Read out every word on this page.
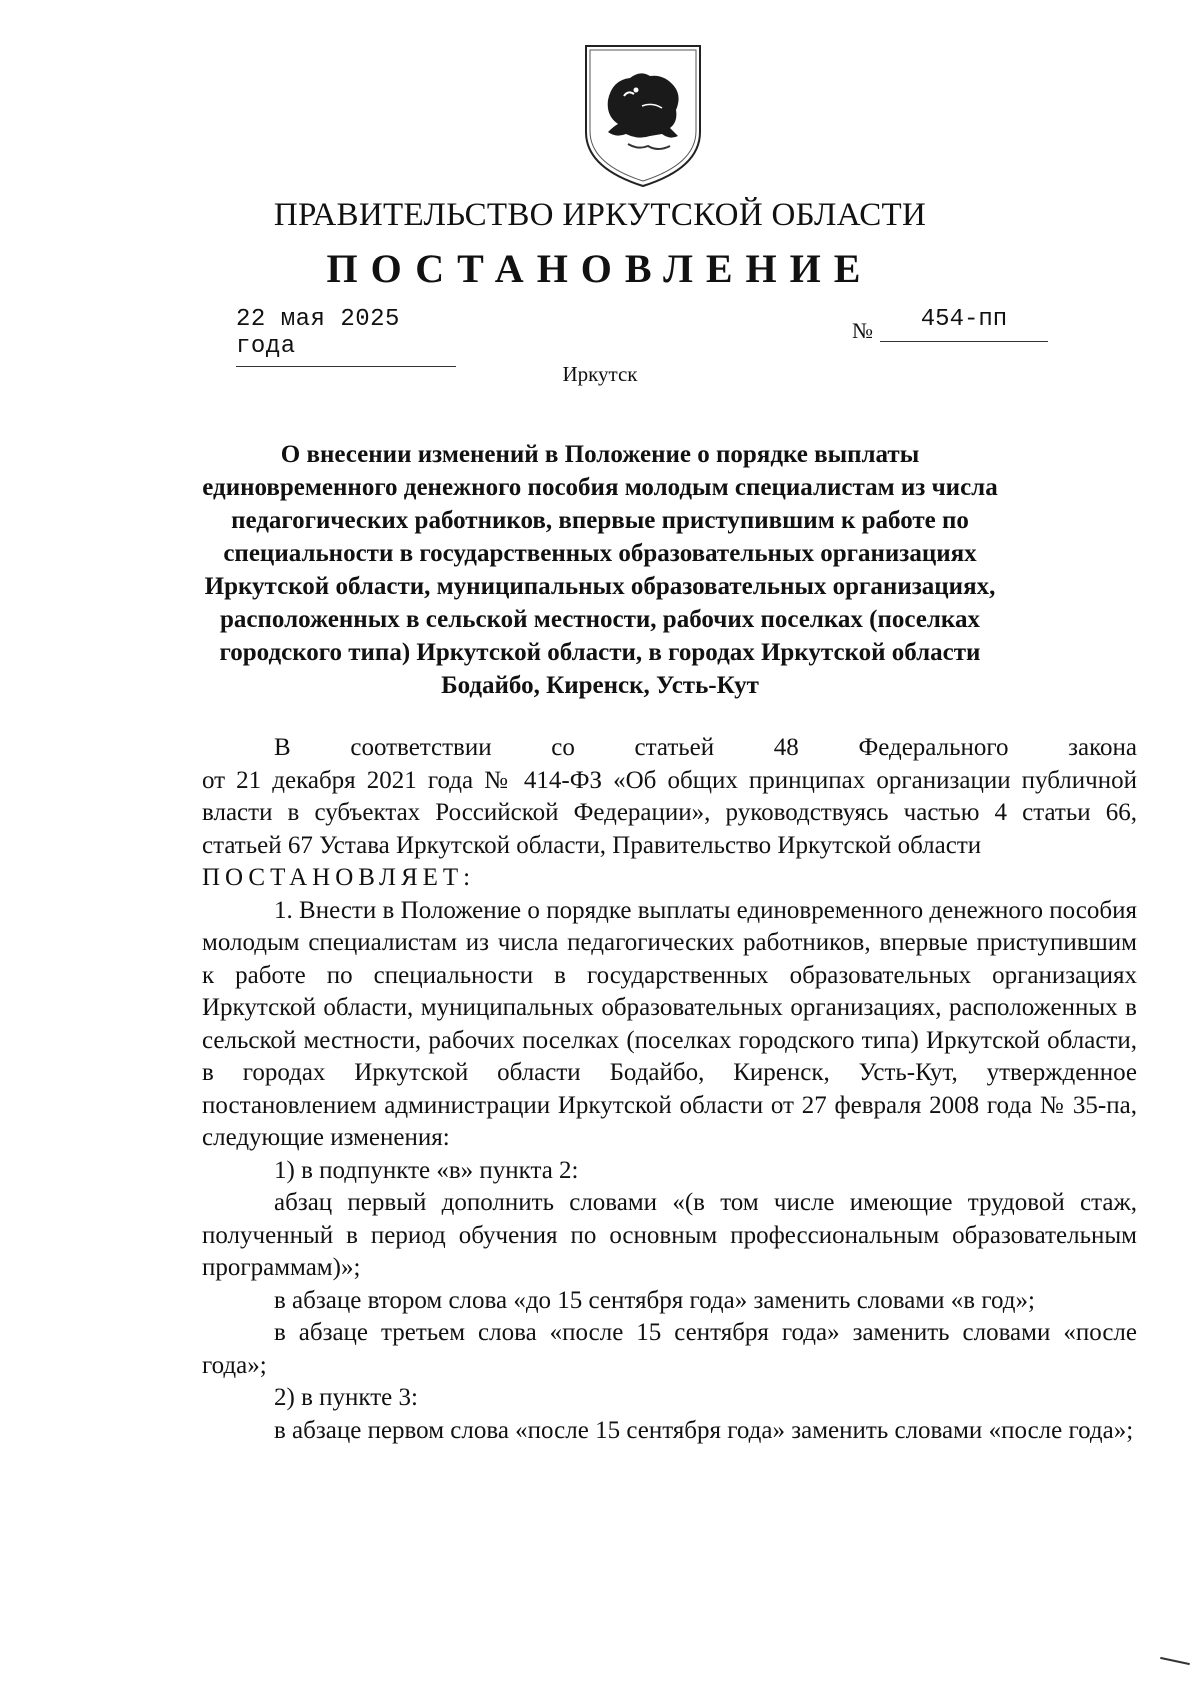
ПРАВИТЕЛЬСТВО ИРКУТСКОЙ ОБЛАСТИ
ПОСТАНОВЛЕНИЕ
22 мая 2025 года
№	454-пп
Иркутск
О внесении изменений в Положение о порядке выплаты
единовременного денежного пособия молодым специалистам из числа
педагогических работников, впервые приступившим к работе по
специальности в государственных образовательных организациях
Иркутской области, муниципальных образовательных организациях,
расположенных в сельской местности, рабочих поселках (поселках
городского типа) Иркутской области, в городах Иркутской области
Бодайбо, Киренск, Усть-Кут

В соответствии со статьей 48 Федерального закона

от 21 декабря 2021 года № 414-ФЗ «Об общих принципах организации публичной власти в субъектах Российской Федерации», руководствуясь частью 4 статьи 66, статьей 67 Устава Иркутской области, Правительство Иркутской области

ПОСТАНОВЛЯЕТ:

1. Внести в Положение о порядке выплаты единовременного денежного пособия молодым специалистам из числа педагогических работников, впервые приступившим к работе по специальности в государственных образовательных организациях Иркутской области, муниципальных образовательных организациях, расположенных в сельской местности, рабочих поселках (поселках городского типа) Иркутской области, в городах Иркутской области Бодайбо, Киренск, Усть-Кут, утвержденное постановлением администрации Иркутской области от 27 февраля 2008 года № 35-па, следующие изменения:

1) в подпункте «в» пункта 2:

абзац первый дополнить словами «(в том числе имеющие трудовой стаж, полученный в период обучения по основным профессиональным образовательным программам)»;

в абзаце втором слова «до 15 сентября года» заменить словами «в год»;

в абзаце третьем слова «после 15 сентября года» заменить словами «после года»;

2) в пункте 3:

в абзаце первом слова «после 15 сентября года» заменить словами «после года»;
